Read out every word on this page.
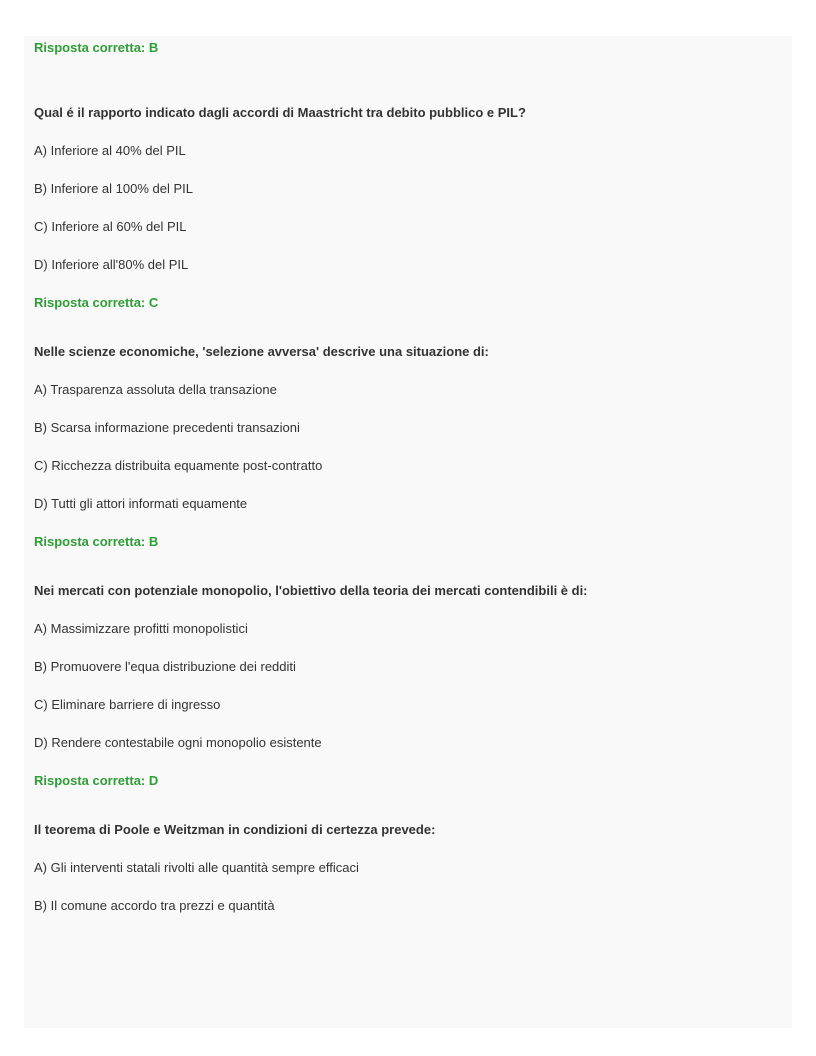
Risposta corretta: B
Qual é il rapporto indicato dagli accordi di Maastricht tra debito pubblico e PIL?
A) Inferiore al 40% del PIL
B) Inferiore al 100% del PIL
C) Inferiore al 60% del PIL
D) Inferiore all'80% del PIL
Risposta corretta: C
Nelle scienze economiche, 'selezione avversa' descrive una situazione di:
A) Trasparenza assoluta della transazione
B) Scarsa informazione precedenti transazioni
C) Ricchezza distribuita equamente post-contratto
D) Tutti gli attori informati equamente
Risposta corretta: B
Nei mercati con potenziale monopolio, l'obiettivo della teoria dei mercati contendibili è di:
A) Massimizzare profitti monopolistici
B) Promuovere l'equa distribuzione dei redditi
C) Eliminare barriere di ingresso
D) Rendere contestabile ogni monopolio esistente
Risposta corretta: D
Il teorema di Poole e Weitzman in condizioni di certezza prevede:
A) Gli interventi statali rivolti alle quantità sempre efficaci
B) Il comune accordo tra prezzi e quantità
